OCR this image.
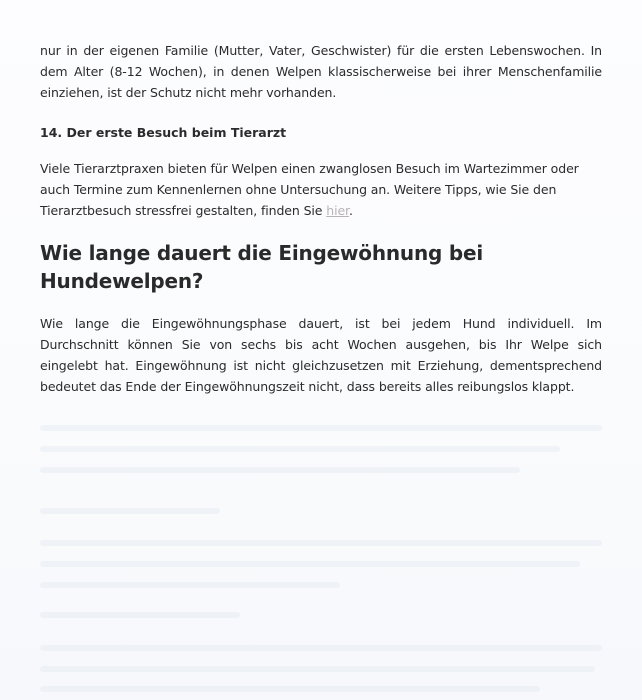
nur in der eigenen Familie (Mutter, Vater, Geschwister) für die ersten Lebenswochen. In dem Alter (8-12 Wochen), in denen Welpen klassischerweise bei ihrer Menschenfamilie einziehen, ist der Schutz nicht mehr vorhanden.

14. Der erste Besuch beim Tierarzt

Viele Tierarztpraxen bieten für Welpen einen zwanglosen Besuch im Wartezimmer oder auch Termine zum Kennenlernen ohne Untersuchung an. Weitere Tipps, wie Sie den Tierarztbesuch stressfrei gestalten, finden Sie hier.

Wie lange dauert die Eingewöhnung bei Hundewelpen?

Wie lange die Eingewöhnungsphase dauert, ist bei jedem Hund individuell. Im Durchschnitt können Sie von sechs bis acht Wochen ausgehen, bis Ihr Welpe sich eingelebt hat. Eingewöhnung ist nicht gleichzusetzen mit Erziehung, dementsprechend bedeutet das Ende der Eingewöhnungszeit nicht, dass bereits alles reibungslos klappt.
